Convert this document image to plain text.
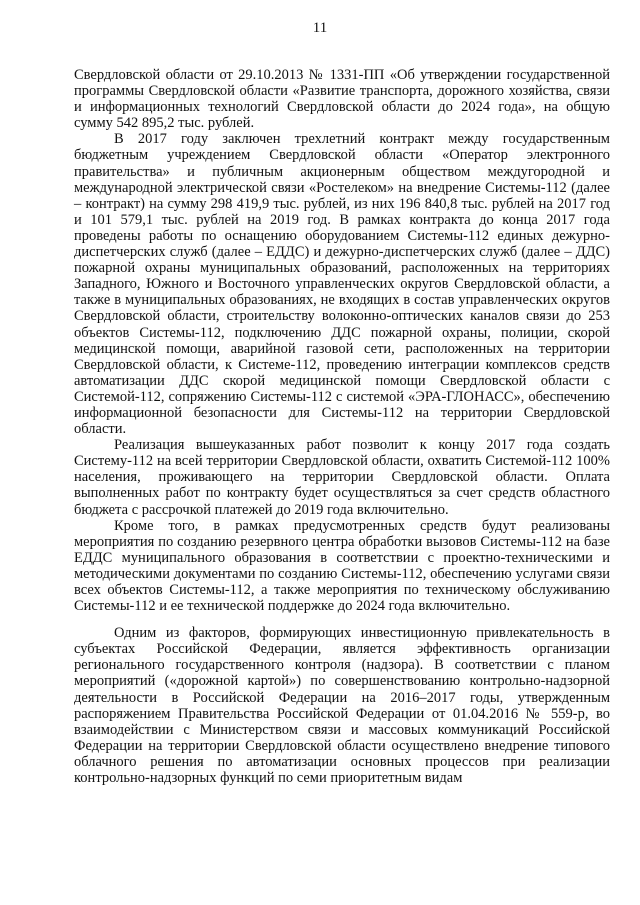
11

Свердловской области от 29.10.2013 № 1331-ПП «Об утверждении государственной программы Свердловской области «Развитие транспорта, дорожного хозяйства, связи и информационных технологий Свердловской области до 2024 года», на общую сумму 542 895,2 тыс. рублей.

В 2017 году заключен трехлетний контракт между государственным бюджетным учреждением Свердловской области «Оператор электронного правительства» и публичным акционерным обществом междугородной и международной электрической связи «Ростелеком» на внедрение Системы-112 (далее – контракт) на сумму 298 419,9 тыс. рублей, из них 196 840,8 тыс. рублей на 2017 год и 101 579,1 тыс. рублей на 2019 год. В рамках контракта до конца 2017 года проведены работы по оснащению оборудованием Системы-112 единых дежурно-диспетчерских служб (далее – ЕДДС) и дежурно-диспетчерских служб (далее – ДДС) пожарной охраны муниципальных образований, расположенных на территориях Западного, Южного и Восточного управленческих округов Свердловской области, а также в муниципальных образованиях, не входящих в состав управленческих округов Свердловской области, строительству волоконно-оптических каналов связи до 253 объектов Системы-112, подключению ДДС пожарной охраны, полиции, скорой медицинской помощи, аварийной газовой сети, расположенных на территории Свердловской области, к Системе-112, проведению интеграции комплексов средств автоматизации ДДС скорой медицинской помощи Свердловской области с Системой-112, сопряжению Системы-112 с системой «ЭРА-ГЛОНАСС», обеспечению информационной безопасности для Системы-112 на территории Свердловской области.

Реализация вышеуказанных работ позволит к концу 2017 года создать Систему-112 на всей территории Свердловской области, охватить Системой-112 100% населения, проживающего на территории Свердловской области. Оплата выполненных работ по контракту будет осуществляться за счет средств областного бюджета с рассрочкой платежей до 2019 года включительно.

Кроме того, в рамках предусмотренных средств будут реализованы мероприятия по созданию резервного центра обработки вызовов Системы-112 на базе ЕДДС муниципального образования в соответствии с проектно-техническими и методическими документами по созданию Системы-112, обеспечению услугами связи всех объектов Системы-112, а также мероприятия по техническому обслуживанию Системы-112 и ее технической поддержке до 2024 года включительно.

Одним из факторов, формирующих инвестиционную привлекательность в субъектах Российской Федерации, является эффективность организации регионального государственного контроля (надзора). В соответствии с планом мероприятий («дорожной картой») по совершенствованию контрольно-надзорной деятельности в Российской Федерации на 2016–2017 годы, утвержденным распоряжением Правительства Российской Федерации от 01.04.2016 № 559-р, во взаимодействии с Министерством связи и массовых коммуникаций Российской Федерации на территории Свердловской области осуществлено внедрение типового облачного решения по автоматизации основных процессов при реализации контрольно-надзорных функций по семи приоритетным видам
